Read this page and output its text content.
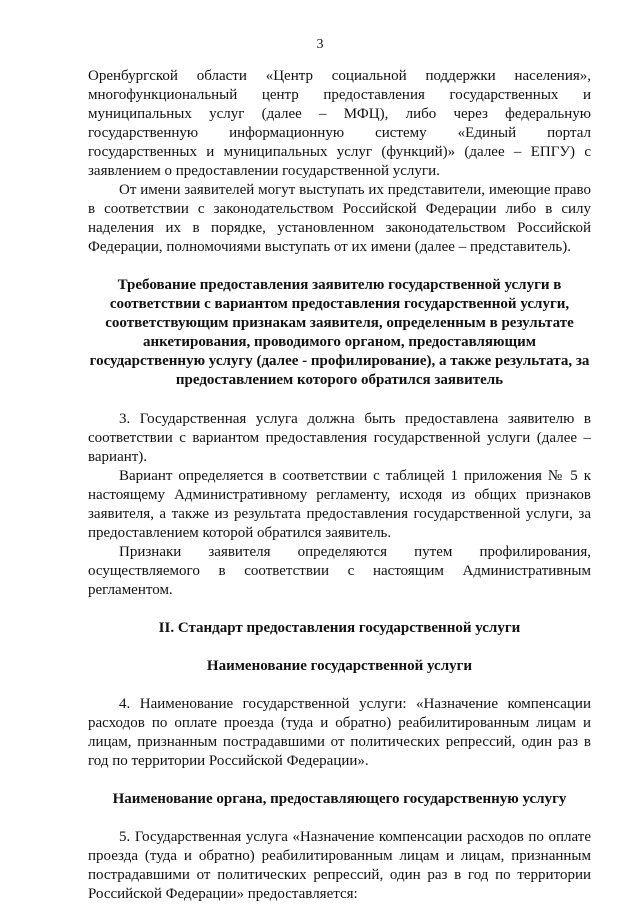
3

Оренбургской области «Центр социальной поддержки населения», многофункциональный центр предоставления государственных и муниципальных услуг (далее – МФЦ), либо через федеральную государственную информационную систему «Единый портал государственных и муниципальных услуг (функций)» (далее – ЕПГУ) с заявлением о предоставлении государственной услуги.

От имени заявителей могут выступать их представители, имеющие право в соответствии с законодательством Российской Федерации либо в силу наделения их в порядке, установленном законодательством Российской Федерации, полномочиями выступать от их имени (далее – представитель).

Требование предоставления заявителю государственной услуги в соответствии с вариантом предоставления государственной услуги, соответствующим признакам заявителя, определенным в результате анкетирования, проводимого органом, предоставляющим государственную услугу (далее - профилирование), а также результата, за предоставлением которого обратился заявитель

3. Государственная услуга должна быть предоставлена заявителю в соответствии с вариантом предоставления государственной услуги (далее – вариант).

Вариант определяется в соответствии с таблицей 1 приложения № 5 к настоящему Административному регламенту, исходя из общих признаков заявителя, а также из результата предоставления государственной услуги, за предоставлением которой обратился заявитель.

Признаки заявителя определяются путем профилирования, осуществляемого в соответствии с настоящим Административным регламентом.

II. Стандарт предоставления государственной услуги

Наименование государственной услуги

4. Наименование государственной услуги: «Назначение компенсации расходов по оплате проезда (туда и обратно) реабилитированным лицам и лицам, признанным пострадавшими от политических репрессий, один раз в год по территории Российской Федерации».

Наименование органа, предоставляющего государственную услугу

5. Государственная услуга «Назначение компенсации расходов по оплате проезда (туда и обратно) реабилитированным лицам и лицам, признанным пострадавшими от политических репрессий, один раз в год по территории Российской Федерации» предоставляется:
